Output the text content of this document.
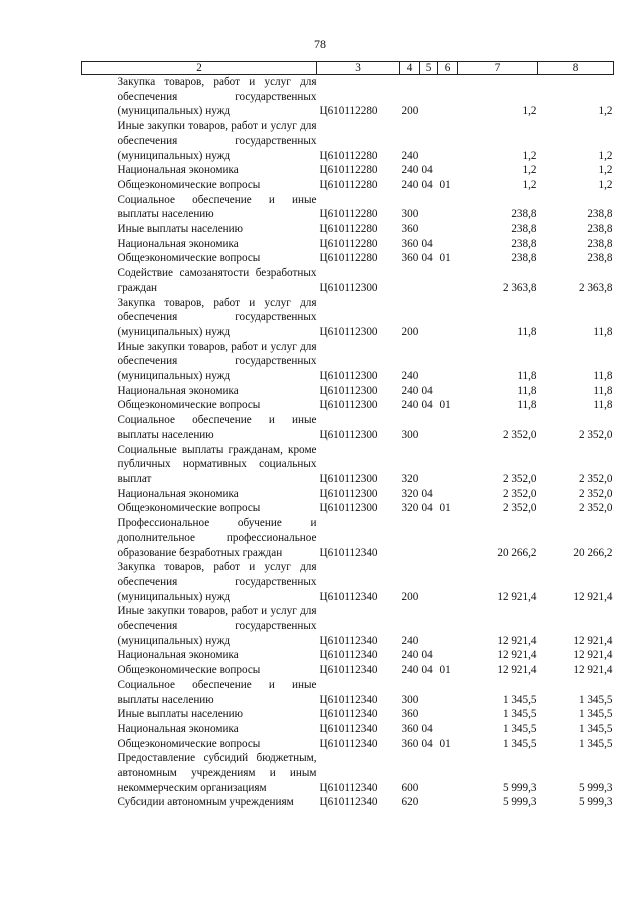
78
2	3	4	5	6	7	8
Закупка товаров, работ и услуг для обеспечения государственных (муниципальных) нужд	Ц610112280	200			1,2	1,2
Иные закупки товаров, работ и услуг для обеспечения государственных (муниципальных) нужд	Ц610112280	240			1,2	1,2
Национальная экономика	Ц610112280	240	04		1,2	1,2
Общеэкономические вопросы	Ц610112280	240	04	01	1,2	1,2
Социальное обеспечение и иные выплаты населению	Ц610112280	300			238,8	238,8
Иные выплаты населению	Ц610112280	360			238,8	238,8
Национальная экономика	Ц610112280	360	04		238,8	238,8
Общеэкономические вопросы	Ц610112280	360	04	01	238,8	238,8
Содействие самозанятости безработных граждан	Ц610112300				2 363,8	2 363,8
Закупка товаров, работ и услуг для обеспечения государственных (муниципальных) нужд	Ц610112300	200			11,8	11,8
Иные закупки товаров, работ и услуг для обеспечения государственных (муниципальных) нужд	Ц610112300	240			11,8	11,8
Национальная экономика	Ц610112300	240	04		11,8	11,8
Общеэкономические вопросы	Ц610112300	240	04	01	11,8	11,8
Социальное обеспечение и иные выплаты населению	Ц610112300	300			2 352,0	2 352,0
Социальные выплаты гражданам, кроме публичных нормативных социальных выплат	Ц610112300	320			2 352,0	2 352,0
Национальная экономика	Ц610112300	320	04		2 352,0	2 352,0
Общеэкономические вопросы	Ц610112300	320	04	01	2 352,0	2 352,0
Профессиональное обучение и дополнительное профессиональное образование безработных граждан	Ц610112340				20 266,2	20 266,2
Закупка товаров, работ и услуг для обеспечения государственных (муниципальных) нужд	Ц610112340	200			12 921,4	12 921,4
Иные закупки товаров, работ и услуг для обеспечения государственных (муниципальных) нужд	Ц610112340	240			12 921,4	12 921,4
Национальная экономика	Ц610112340	240	04		12 921,4	12 921,4
Общеэкономические вопросы	Ц610112340	240	04	01	12 921,4	12 921,4
Социальное обеспечение и иные выплаты населению	Ц610112340	300			1 345,5	1 345,5
Иные выплаты населению	Ц610112340	360			1 345,5	1 345,5
Национальная экономика	Ц610112340	360	04		1 345,5	1 345,5
Общеэкономические вопросы	Ц610112340	360	04	01	1 345,5	1 345,5
Предоставление субсидий бюджетным, автономным учреждениям и иным некоммерческим организациям	Ц610112340	600			5 999,3	5 999,3
Субсидии автономным учреждениям	Ц610112340	620			5 999,3	5 999,3
